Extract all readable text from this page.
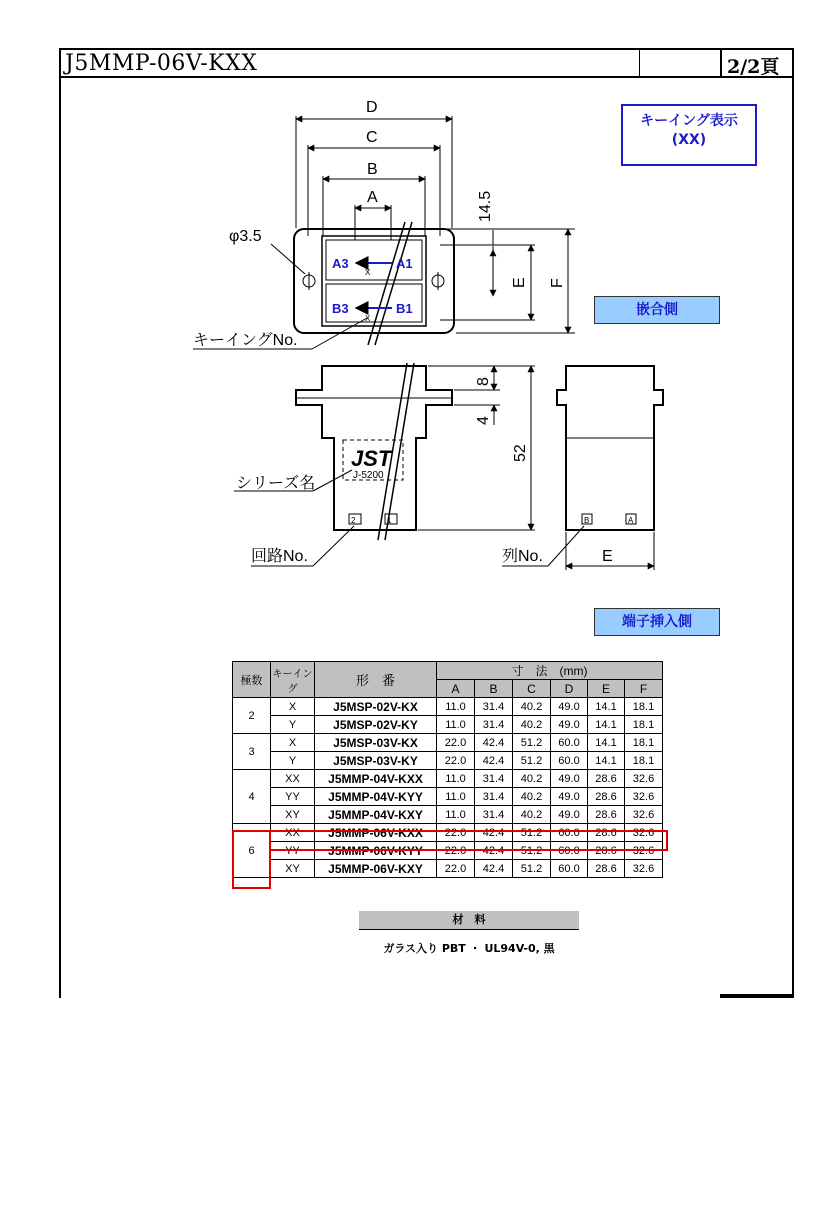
J5MMP-06V-KXX	2/2頁
D
C
B
A	14.5
E F
8
4
52
E
φ3.5
キーイングNo.
シリーズ名
回路No.	列No.
A3	A1
B3	B1
X
X
2	1	B	A
JST
J-5200
キーイング表示
(XX)
嵌合側
端子挿入側
極数	キーイング	形　番	寸　法　(mm)					
			A	B	C	D	E	F
2	X	J5MSP-02V-KX	11.0	31.4	40.2	49.0	14.1	18.1
	Y	J5MSP-02V-KY	11.0	31.4	40.2	49.0	14.1	18.1
3	X	J5MSP-03V-KX	22.0	42.4	51.2	60.0	14.1	18.1
	Y	J5MSP-03V-KY	22.0	42.4	51.2	60.0	14.1	18.1
4	XX	J5MMP-04V-KXX	11.0	31.4	40.2	49.0	28.6	32.6
	YY	J5MMP-04V-KYY	11.0	31.4	40.2	49.0	28.6	32.6
	XY	J5MMP-04V-KXY	11.0	31.4	40.2	49.0	28.6	32.6
6	XX	J5MMP-06V-KXX	22.0	42.4	51.2	60.0	28.6	32.6
	YY	J5MMP-06V-KYY	22.0	42.4	51.2	60.0	28.6	32.6
	XY	J5MMP-06V-KXY	22.0	42.4	51.2	60.0	28.6	32.6
材　料
ガラス入り PBT ・ UL94V-0, 黒
